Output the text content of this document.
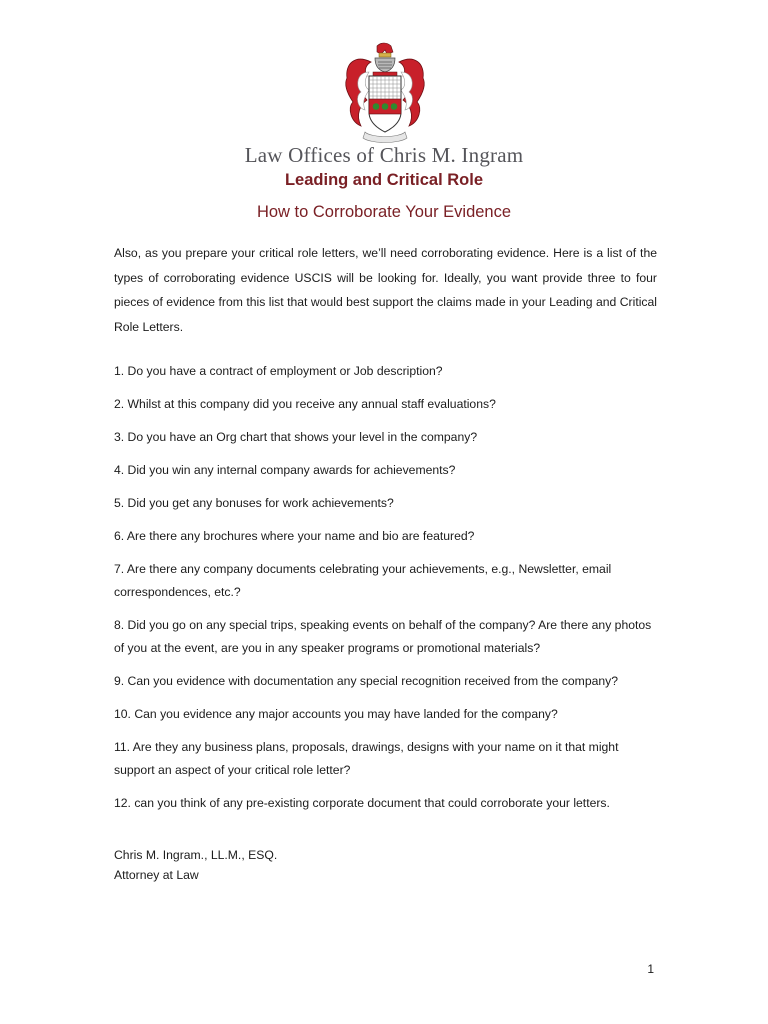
Law Offices of Chris M. Ingram
Leading and Critical Role
How to Corroborate Your Evidence

Also, as you prepare your critical role letters, we’ll need corroborating evidence. Here is a list of the types of corroborating evidence USCIS will be looking for. Ideally, you want provide three to four pieces of evidence from this list that would best support the claims made in your Leading and Critical Role Letters.

1. Do you have a contract of employment or Job description?

2. Whilst at this company did you receive any annual staff evaluations?

3. Do you have an Org chart that shows your level in the company?

4. Did you win any internal company awards for achievements?

5. Did you get any bonuses for work achievements?

6. Are there any brochures where your name and bio are featured?

7. Are there any company documents celebrating your achievements, e.g., Newsletter, email correspondences, etc.?

8. Did you go on any special trips, speaking events on behalf of the company? Are there any photos of you at the event, are you in any speaker programs or promotional materials?

9. Can you evidence with documentation any special recognition received from the company?

10. Can you evidence any major accounts you may have landed for the company?

11. Are they any business plans, proposals, drawings, designs with your name on it that might support an aspect of your critical role letter?

12. can you think of any pre-existing corporate document that could corroborate your letters.

Chris M. Ingram., LL.M., ESQ.
Attorney at Law
1
